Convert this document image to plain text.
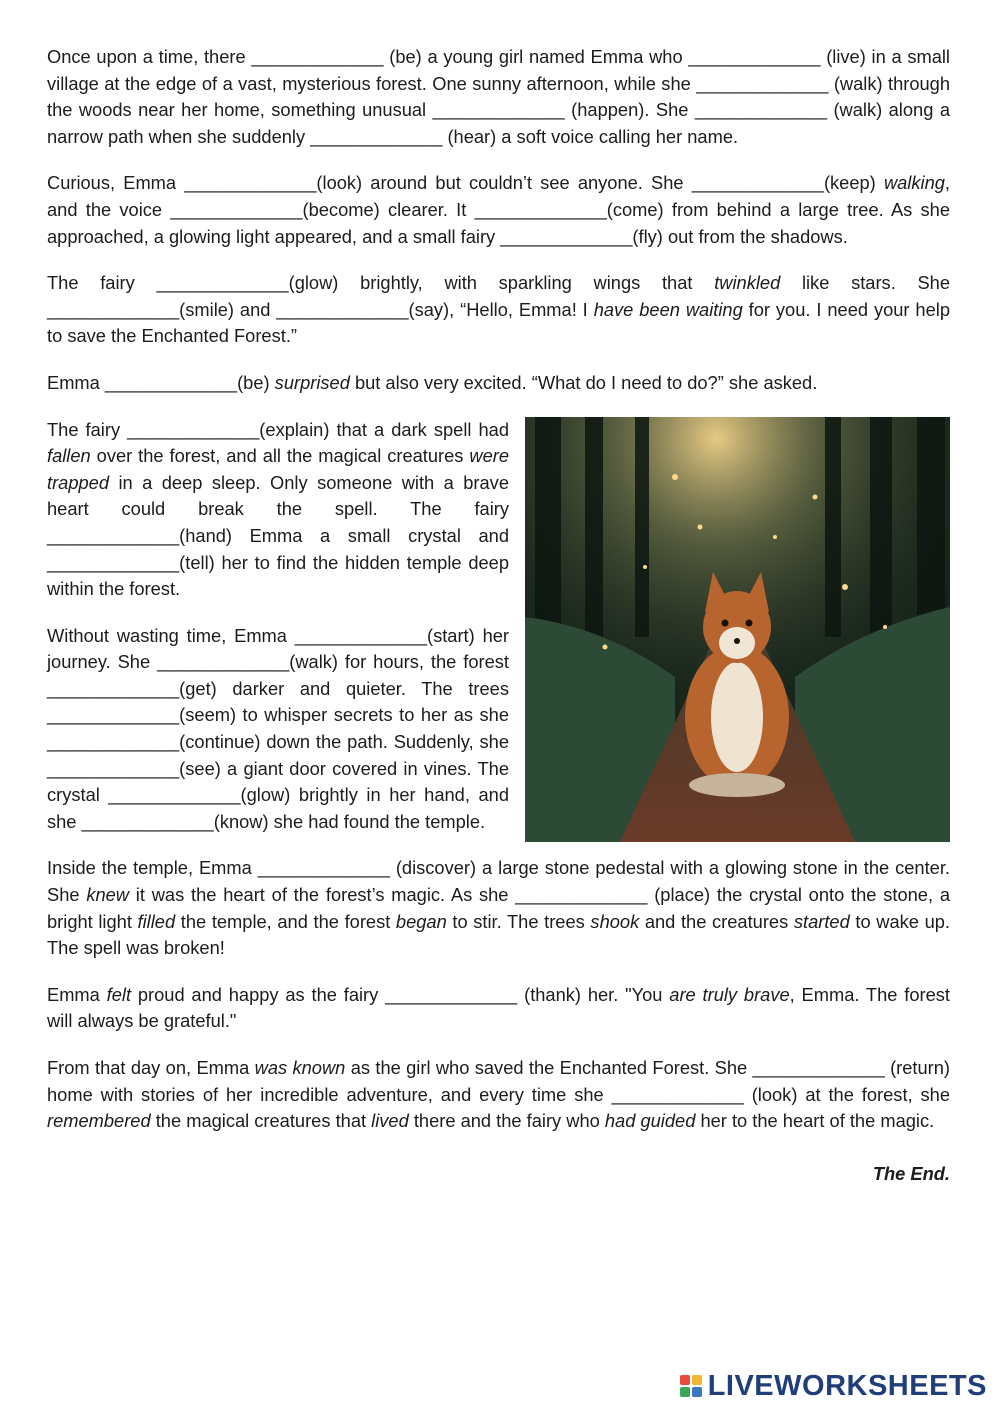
Once upon a time, there _____________ (be) a young girl named Emma who _____________ (live) in a small village at the edge of a vast, mysterious forest. One sunny afternoon, while she _____________ (walk) through the woods near her home, something unusual _____________ (happen). She _____________ (walk) along a narrow path when she suddenly _____________ (hear) a soft voice calling her name.

Curious, Emma _____________(look) around but couldn’t see anyone. She _____________(keep) walking, and the voice _____________(become) clearer. It _____________(come) from behind a large tree. As she approached, a glowing light appeared, and a small fairy _____________(fly) out from the shadows.

The fairy _____________(glow) brightly, with sparkling wings that twinkled like stars. She _____________(smile) and _____________(say), “Hello, Emma! I have been waiting for you. I need your help to save the Enchanted Forest.”

Emma _____________(be) surprised but also very excited. “What do I need to do?” she asked.

The fairy _____________(explain) that a dark spell had fallen over the forest, and all the magical creatures were trapped in a deep sleep. Only someone with a brave heart could break the spell. The fairy _____________(hand) Emma a small crystal and _____________(tell) her to find the hidden temple deep within the forest.

Without wasting time, Emma _____________(start) her journey. She _____________(walk) for hours, the forest _____________(get) darker and quieter. The trees _____________(seem) to whisper secrets to her as she _____________(continue) down the path. Suddenly, she _____________(see) a giant door covered in vines. The crystal _____________(glow) brightly in her hand, and she _____________(know) she had found the temple.

Inside the temple, Emma _____________ (discover) a large stone pedestal with a glowing stone in the center. She knew it was the heart of the forest’s magic. As she _____________ (place) the crystal onto the stone, a bright light filled the temple, and the forest began to stir. The trees shook and the creatures started to wake up. The spell was broken!

Emma felt proud and happy as the fairy _____________ (thank) her. "You are truly brave, Emma. The forest will always be grateful."

From that day on, Emma was known as the girl who saved the Enchanted Forest. She _____________ (return) home with stories of her incredible adventure, and every time she _____________ (look) at the forest, she remembered the magical creatures that lived there and the fairy who had guided her to the heart of the magic.

The End.
LIVEWORKSHEETS
